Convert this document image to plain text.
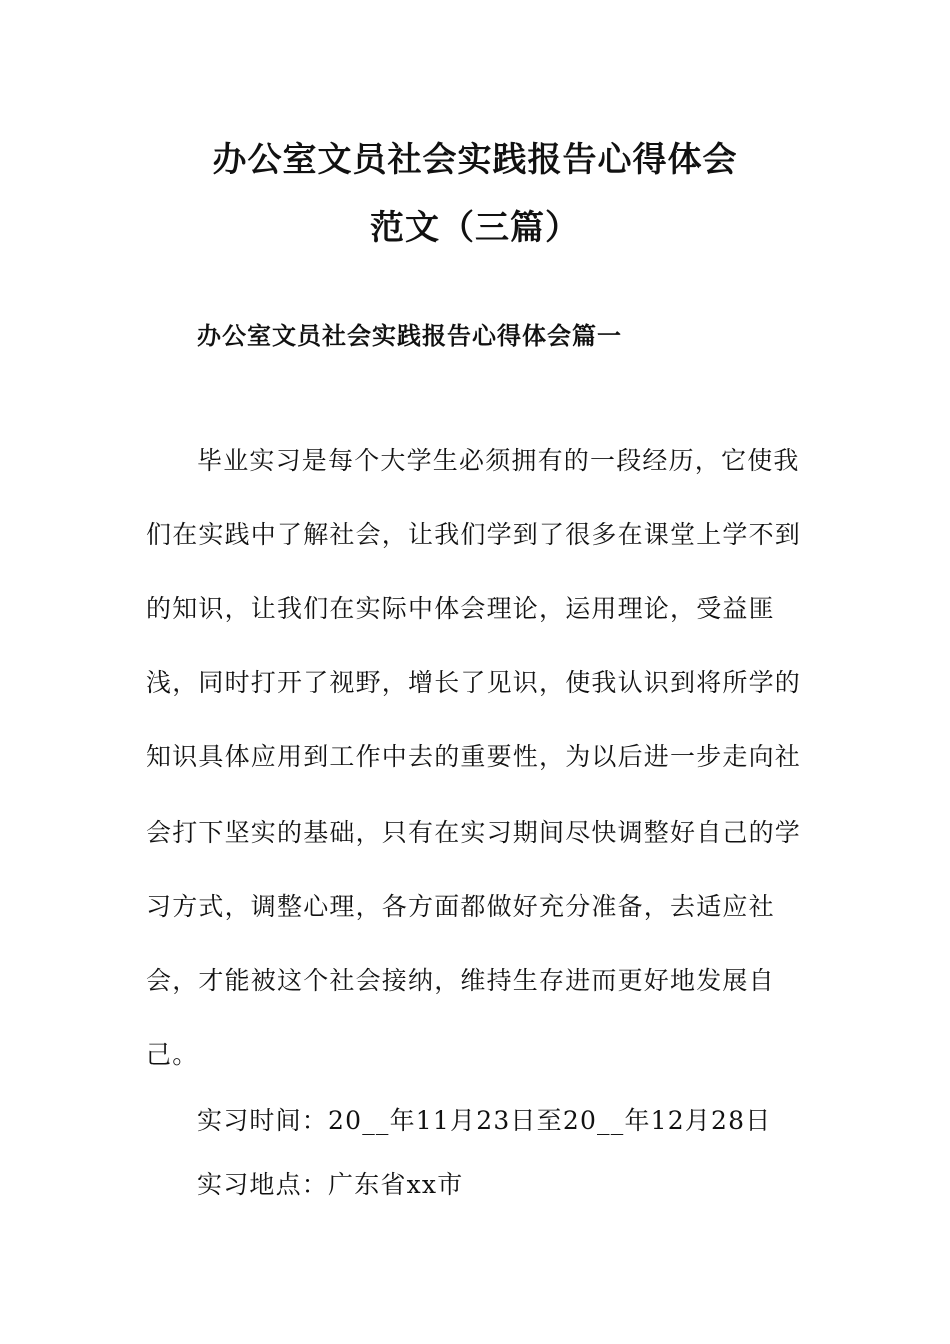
办公室文员社会实践报告心得体会
范文（三篇）
办公室文员社会实践报告心得体会篇一
毕业实习是每个大学生必须拥有的一段经历，它使我
们在实践中了解社会，让我们学到了很多在课堂上学不到
的知识，让我们在实际中体会理论，运用理论，受益匪
浅，同时打开了视野，增长了见识，使我认识到将所学的
知识具体应用到工作中去的重要性，为以后进一步走向社
会打下坚实的基础，只有在实习期间尽快调整好自己的学
习方式，调整心理，各方面都做好充分准备，去适应社
会，才能被这个社会接纳，维持生存进而更好地发展自
己。
实习时间：20__年11月23日至20__年12月28日
实习地点：广东省xx市
